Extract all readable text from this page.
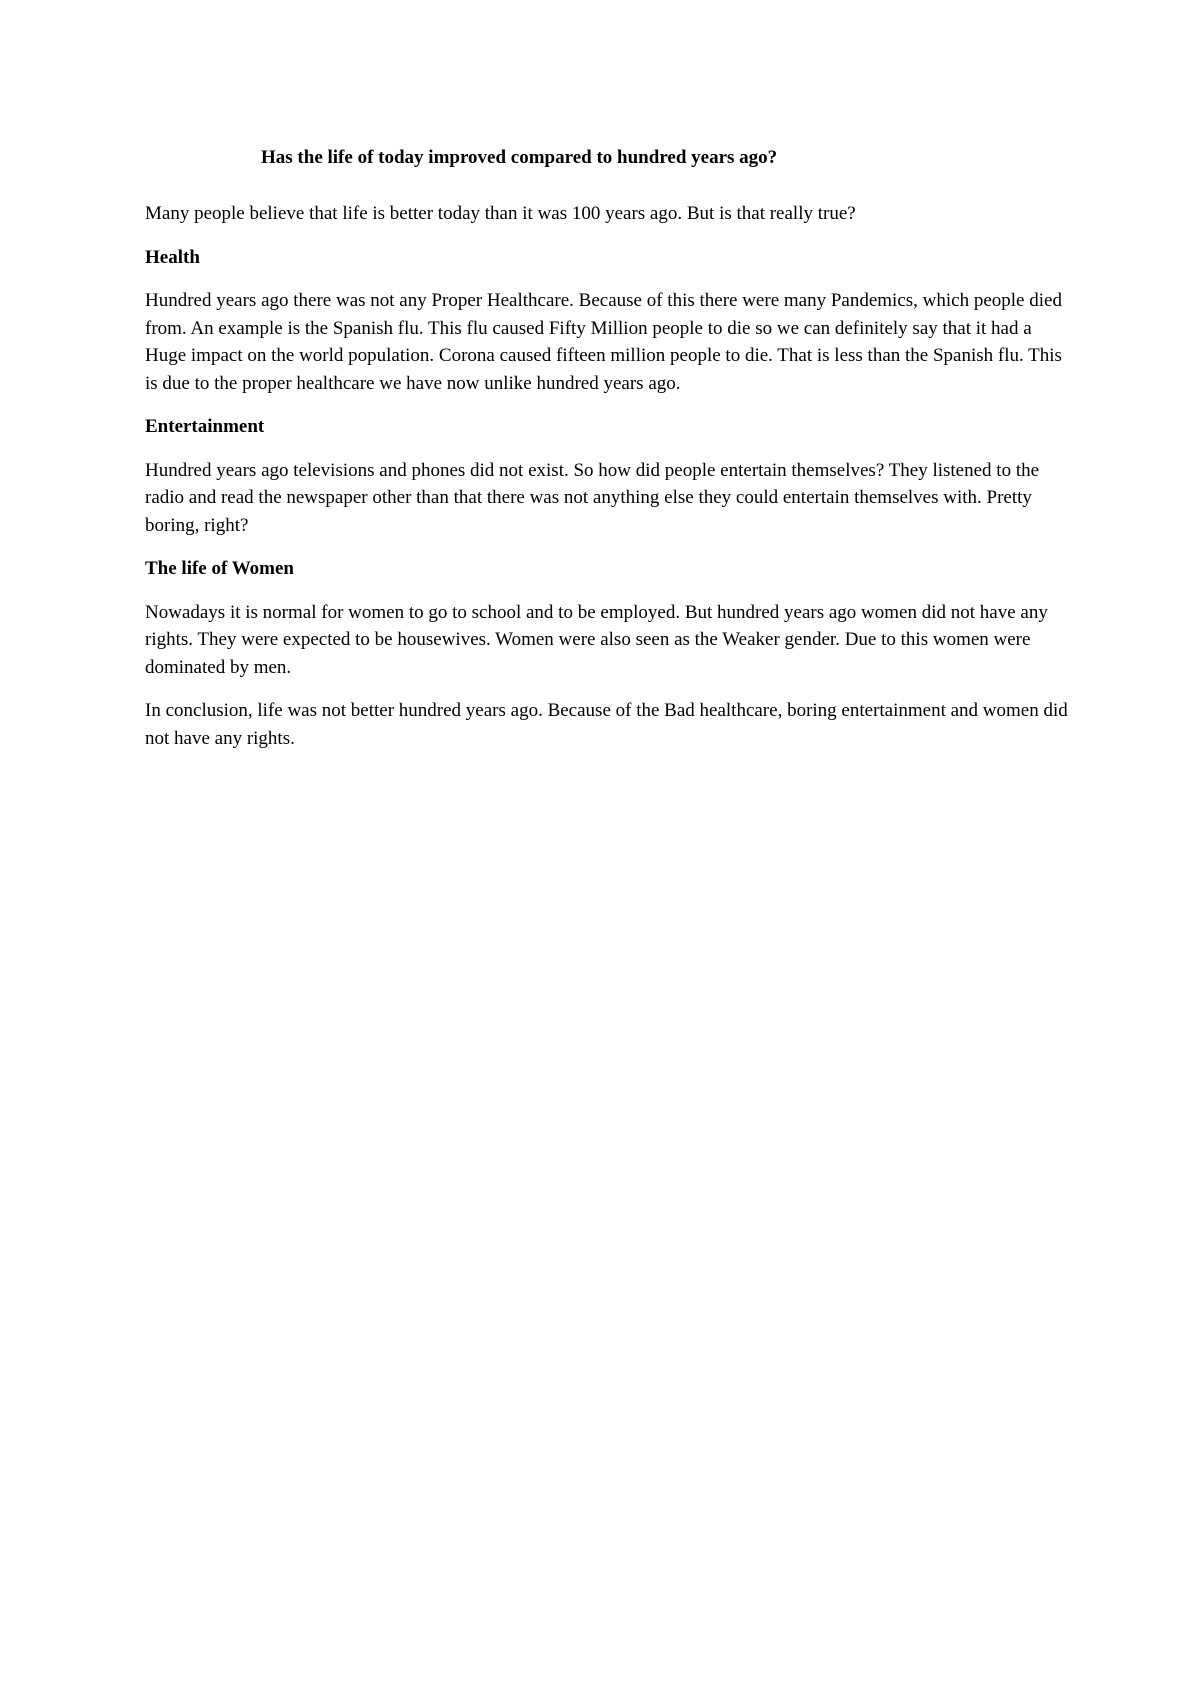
Has the life of today improved compared to hundred years ago?

Many people believe that life is better today than it was 100 years ago. But is that really true?

Health

Hundred years ago there was not any Proper Healthcare. Because of this there were many Pandemics, which people died from. An example is the Spanish flu. This flu caused Fifty Million people to die so we can definitely say that it had a Huge impact on the world population. Corona caused fifteen million people to die. That is less than the Spanish flu. This is due to the proper healthcare we have now unlike hundred years ago.

Entertainment

Hundred years ago televisions and phones did not exist. So how did people entertain themselves? They listened to the radio and read the newspaper other than that there was not anything else they could entertain themselves with. Pretty boring, right?

The life of Women

Nowadays it is normal for women to go to school and to be employed. But hundred years ago women did not have any rights. They were expected to be housewives. Women were also seen as the Weaker gender. Due to this women were dominated by men.

In conclusion, life was not better hundred years ago. Because of the Bad healthcare, boring entertainment and women did not have any rights.
